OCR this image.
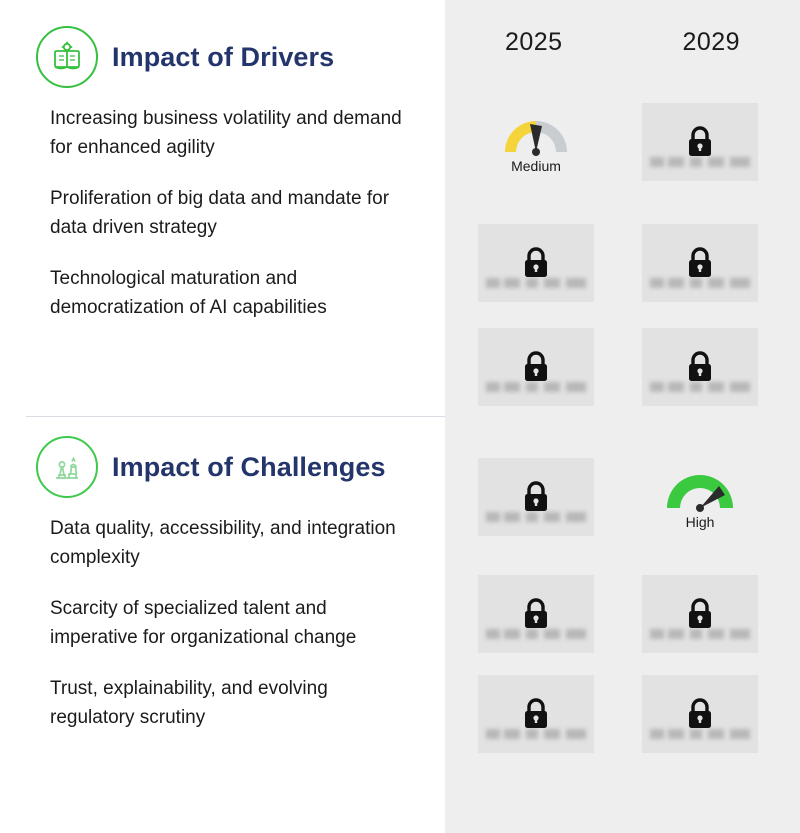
Impact of Drivers
Increasing business volatility and demand for enhanced agility
Proliferation of big data and mandate for data driven strategy
Technological maturation and democratization of AI capabilities
Impact of Challenges
Data quality, accessibility, and integration complexity
Scarcity of specialized talent and imperative for organizational change
Trust, explainability, and evolving regulatory scrutiny
2025	2029
Medium
High
